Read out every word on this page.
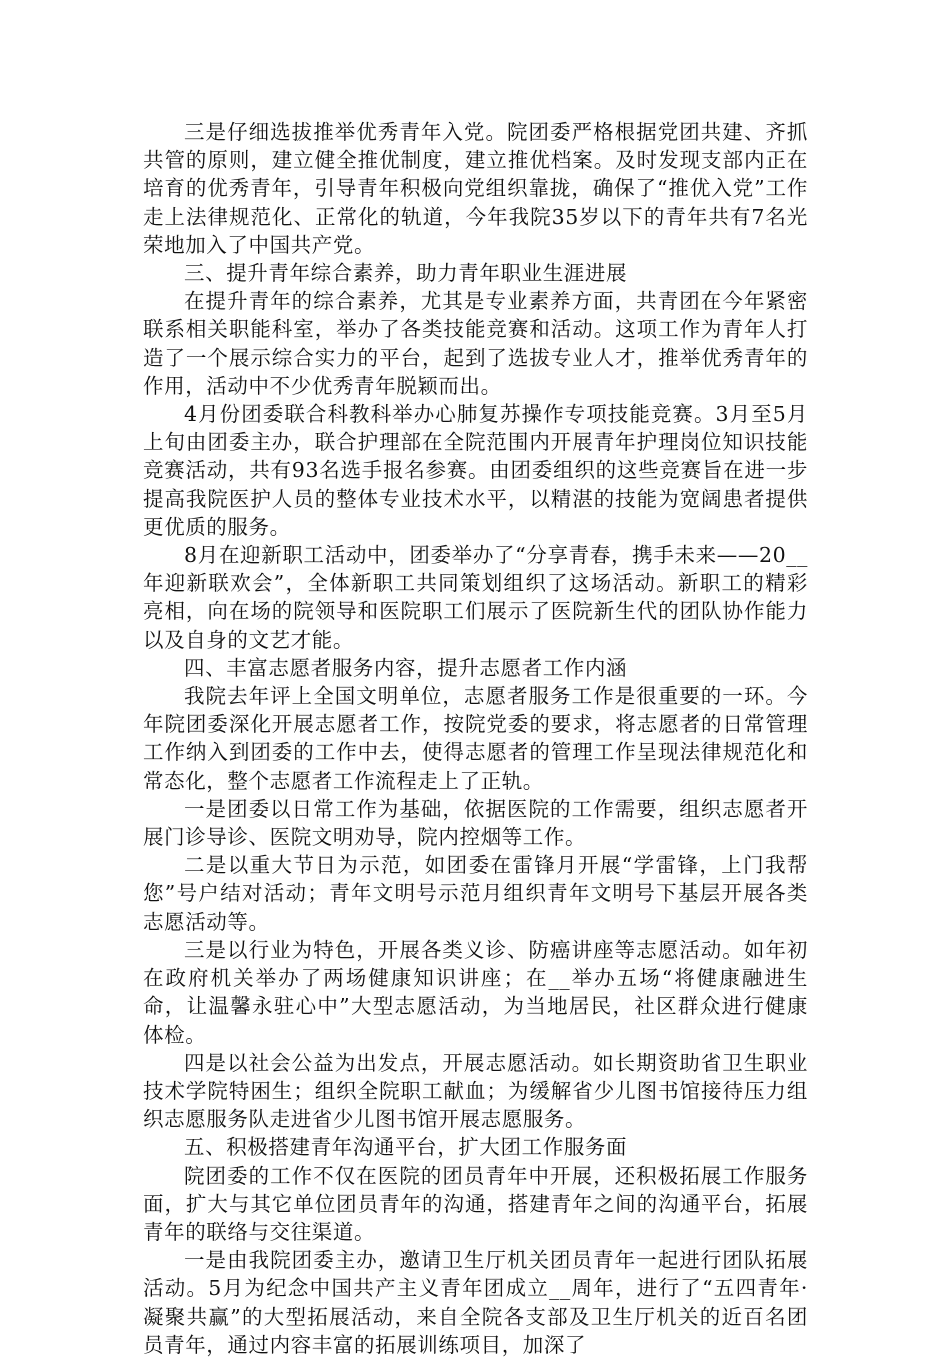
三是仔细选拔推举优秀青年入党。院团委严格根据党团共建、齐抓共管的原则，建立健全推优制度，建立推优档案。及时发现支部内正在培育的优秀青年，引导青年积极向党组织靠拢，确保了“推优入党”工作走上法律规范化、正常化的轨道，今年我院35岁以下的青年共有7名光荣地加入了中国共产党。

三、提升青年综合素养，助力青年职业生涯进展

在提升青年的综合素养，尤其是专业素养方面，共青团在今年紧密联系相关职能科室，举办了各类技能竞赛和活动。这项工作为青年人打造了一个展示综合实力的平台，起到了选拔专业人才，推举优秀青年的作用，活动中不少优秀青年脱颖而出。

4月份团委联合科教科举办心肺复苏操作专项技能竞赛。3月至5月上旬由团委主办，联合护理部在全院范围内开展青年护理岗位知识技能竞赛活动，共有93名选手报名参赛。由团委组织的这些竞赛旨在进一步提高我院医护人员的整体专业技术水平，以精湛的技能为宽阔患者提供更优质的服务。

8月在迎新职工活动中，团委举办了“分享青春，携手未来——20__年迎新联欢会”，全体新职工共同策划组织了这场活动。新职工的精彩亮相，向在场的院领导和医院职工们展示了医院新生代的团队协作能力以及自身的文艺才能。

四、丰富志愿者服务内容，提升志愿者工作内涵

我院去年评上全国文明单位，志愿者服务工作是很重要的一环。今年院团委深化开展志愿者工作，按院党委的要求，将志愿者的日常管理工作纳入到团委的工作中去，使得志愿者的管理工作呈现法律规范化和常态化，整个志愿者工作流程走上了正轨。

一是团委以日常工作为基础，依据医院的工作需要，组织志愿者开展门诊导诊、医院文明劝导，院内控烟等工作。

二是以重大节日为示范，如团委在雷锋月开展“学雷锋，上门我帮您”号户结对活动；青年文明号示范月组织青年文明号下基层开展各类志愿活动等。

三是以行业为特色，开展各类义诊、防癌讲座等志愿活动。如年初在政府机关举办了两场健康知识讲座；在__举办五场“将健康融进生命，让温馨永驻心中”大型志愿活动，为当地居民，社区群众进行健康体检。

四是以社会公益为出发点，开展志愿活动。如长期资助省卫生职业技术学院特困生；组织全院职工献血；为缓解省少儿图书馆接待压力组织志愿服务队走进省少儿图书馆开展志愿服务。

五、积极搭建青年沟通平台，扩大团工作服务面

院团委的工作不仅在医院的团员青年中开展，还积极拓展工作服务面，扩大与其它单位团员青年的沟通，搭建青年之间的沟通平台，拓展青年的联络与交往渠道。

一是由我院团委主办，邀请卫生厅机关团员青年一起进行团队拓展活动。5月为纪念中国共产主义青年团成立__周年，进行了“五四青年·凝聚共赢”的大型拓展活动，来自全院各支部及卫生厅机关的近百名团员青年，通过内容丰富的拓展训练项目，加深了
